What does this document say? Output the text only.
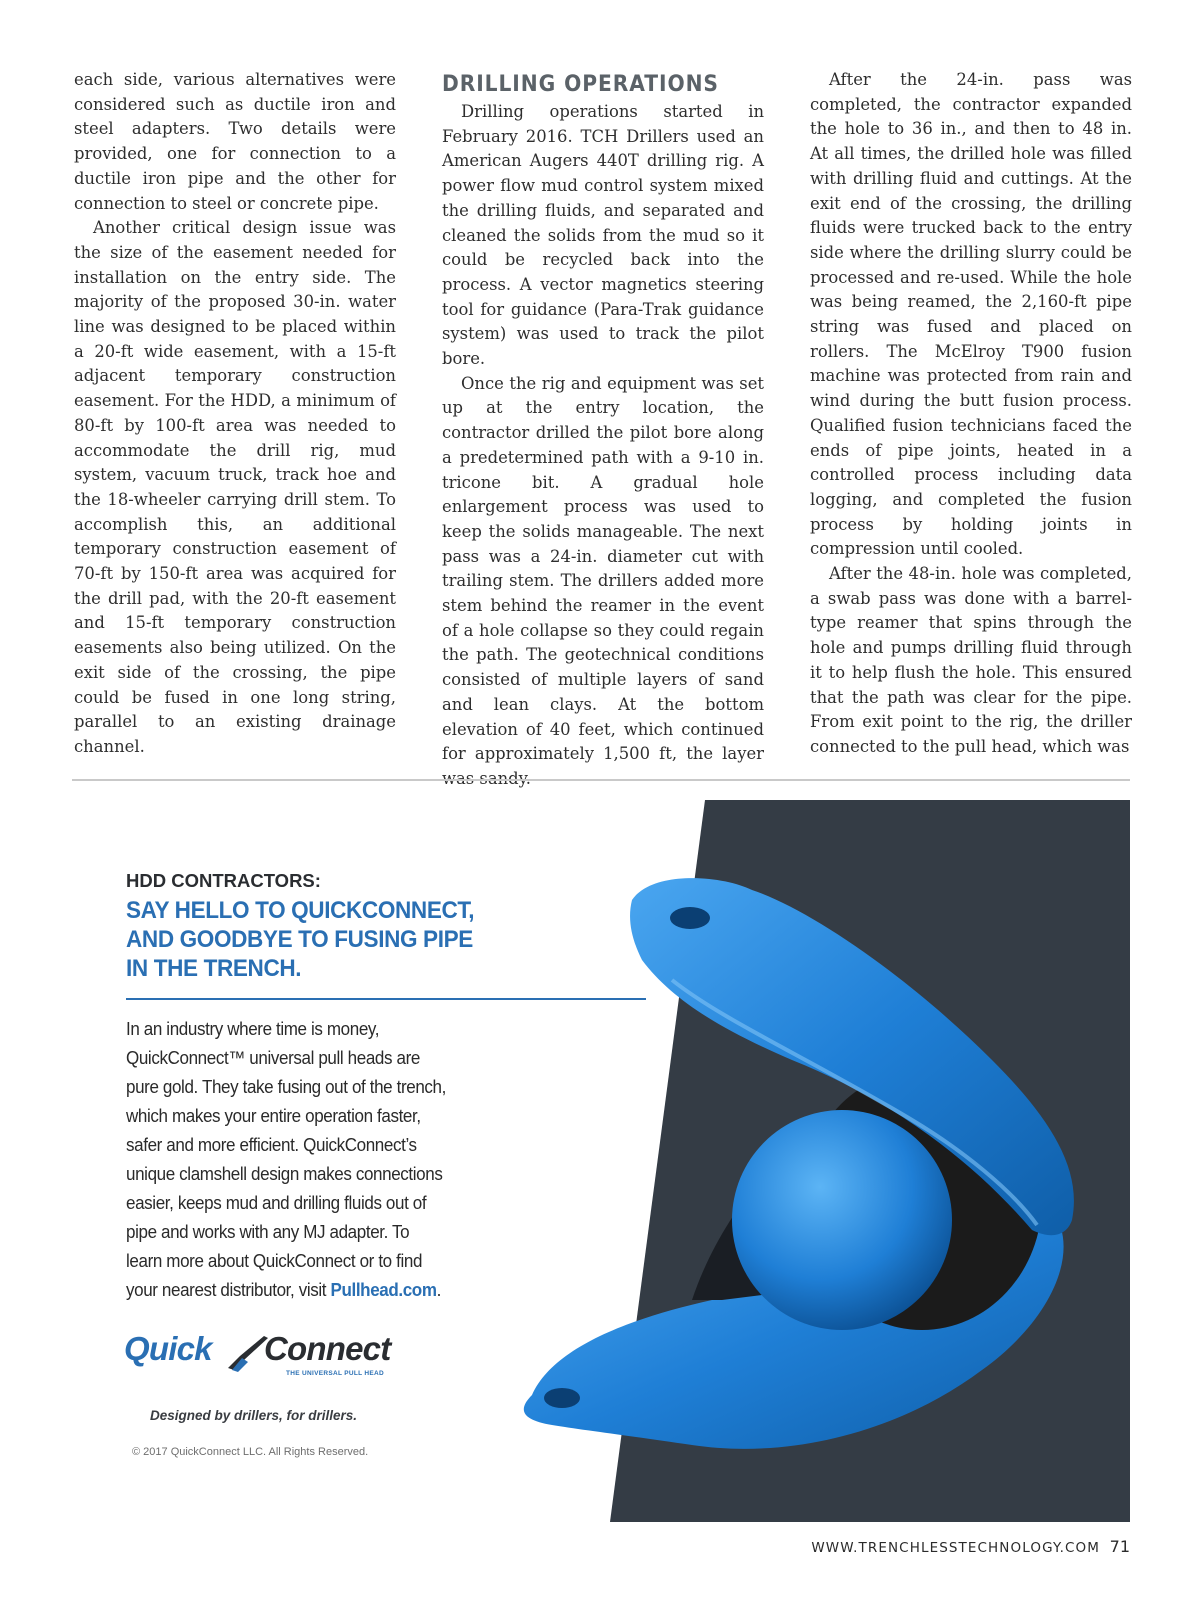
each side, various alternatives were considered such as ductile iron and steel adapters. Two details were provided, one for connection to a ductile iron pipe and the other for connection to steel or concrete pipe.

Another critical design issue was the size of the easement needed for installation on the entry side. The majority of the proposed 30-in. water line was designed to be placed within a 20-ft wide easement, with a 15-ft adjacent temporary construction easement. For the HDD, a minimum of 80-ft by 100-ft area was needed to accommodate the drill rig, mud system, vacuum truck, track hoe and the 18-wheeler carrying drill stem. To accomplish this, an additional temporary construction easement of 70-ft by 150-ft area was acquired for the drill pad, with the 20-ft easement and 15-ft temporary construction easements also being utilized. On the exit side of the crossing, the pipe could be fused in one long string, parallel to an existing drainage channel.

DRILLING OPERATIONS

Drilling operations started in February 2016. TCH Drillers used an American Augers 440T drilling rig. A power flow mud control system mixed the drilling fluids, and separated and cleaned the solids from the mud so it could be recycled back into the process. A vector magnetics steering tool for guidance (Para-Trak guidance system) was used to track the pilot bore.

Once the rig and equipment was set up at the entry location, the contractor drilled the pilot bore along a predetermined path with a 9-10 in. tricone bit. A gradual hole enlargement process was used to keep the solids manageable. The next pass was a 24-in. diameter cut with trailing stem. The drillers added more stem behind the reamer in the event of a hole collapse so they could regain the path. The geotechnical conditions consisted of multiple layers of sand and lean clays. At the bottom elevation of 40 feet, which continued for approximately 1,500 ft, the layer

After the 24-in. pass was completed, the contractor expanded the hole to 36 in., and then to 48 in. At all times, the drilled hole was filled with drilling fluid and cuttings. At the exit end of the crossing, the drilling fluids were trucked back to the entry side where the drilling slurry could be processed and re-used. While the hole was being reamed, the 2,160-ft pipe string was fused and placed on rollers. The McElroy T900 fusion machine was protected from rain and wind during the butt fusion process. Qualified fusion technicians faced the ends of pipe joints, heated in a controlled process including data logging, and completed the fusion process by holding joints in compression until cooled.

After the 48-in. hole was completed, a swab pass was done with a barrel-type reamer that spins through the hole and pumps drilling fluid through it to help flush the hole. This ensured that the path was clear for the pipe. From exit point to the rig, the driller connected to the pull head, which was

HDD CONTRACTORS:
SAY HELLO TO QUICKCONNECT,
AND GOODBYE TO FUSING PIPE
IN THE TRENCH.
In an industry where time is money,
QuickConnect™ universal pull heads are
pure gold. They take fusing out of the trench,
which makes your entire operation faster,
safer and more efficient. QuickConnect’s
unique clamshell design makes connections
easier, keeps mud and drilling fluids out of
pipe and works with any MJ adapter. To
learn more about QuickConnect or to find
your nearest distributor, visit Pullhead.com.
Quick Connect
THE UNIVERSAL PULL HEAD
Designed by drillers, for drillers.
© 2017 QuickConnect LLC. All Rights Reserved.
WWW.TRENCHLESSTECHNOLOGY.COM 71
